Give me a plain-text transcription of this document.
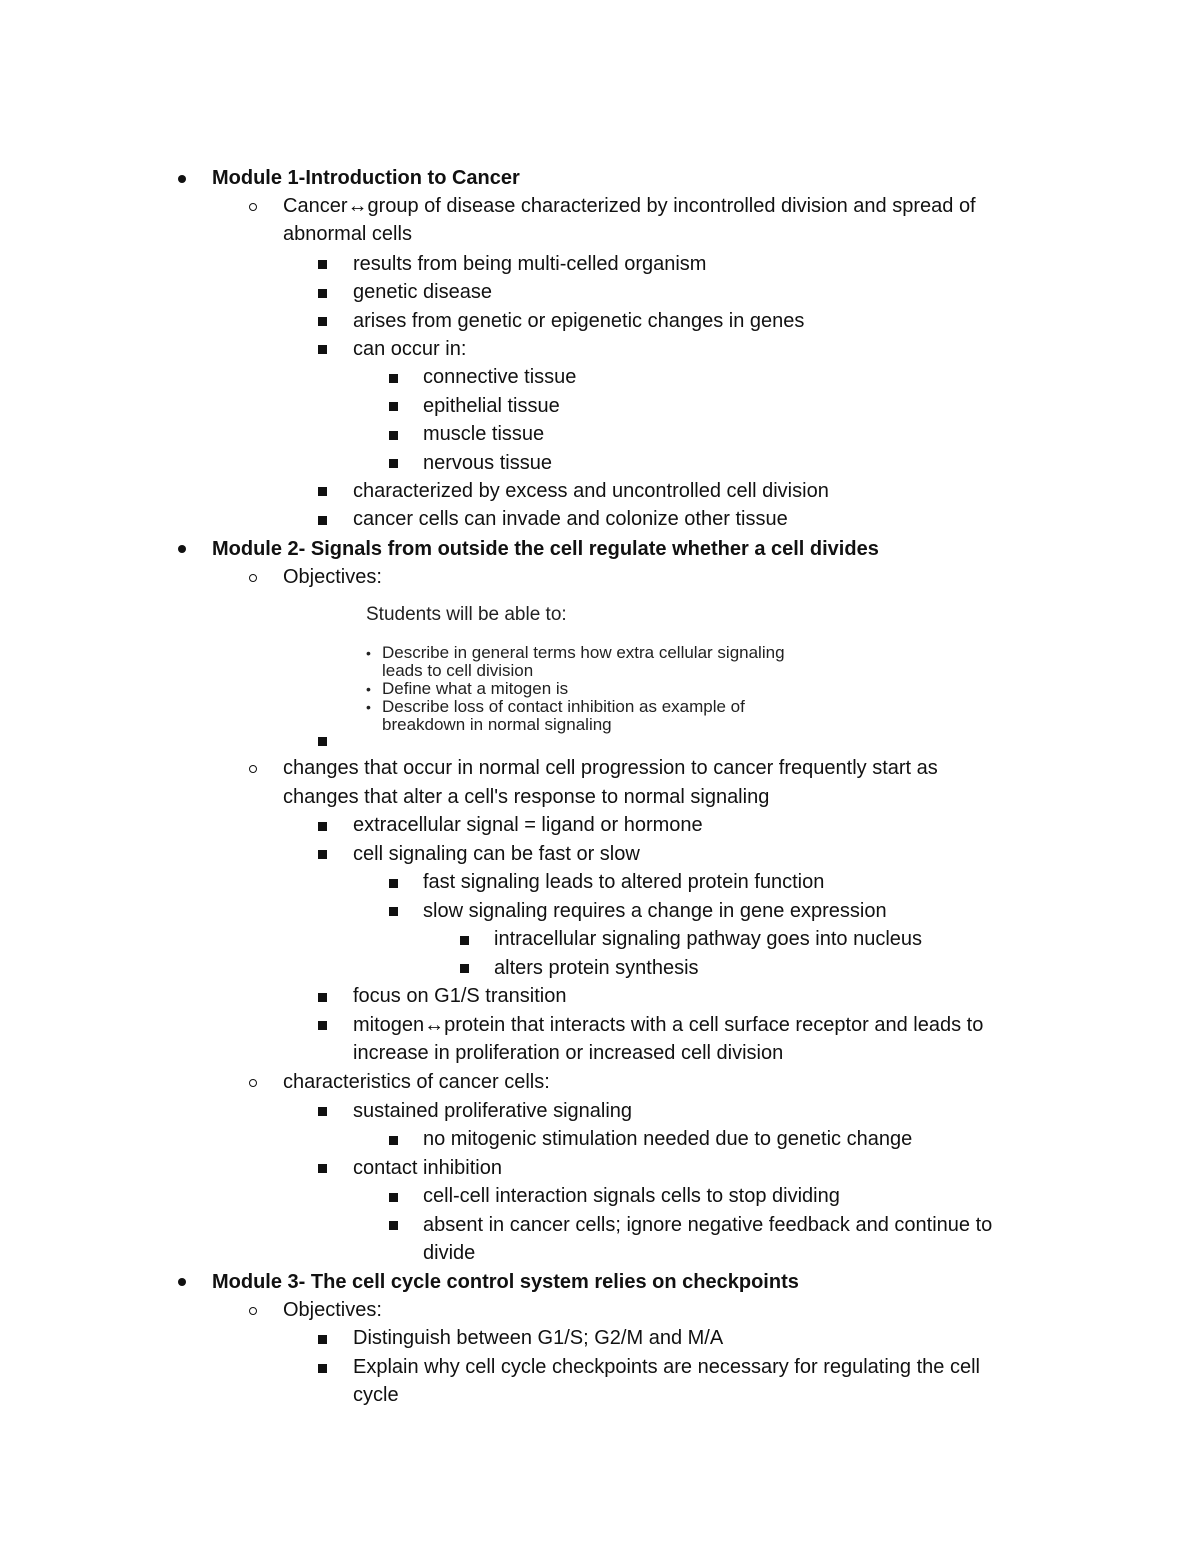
Module 1-Introduction to Cancer
Cancer↔group of disease characterized by incontrolled division and spread of
abnormal cells
results from being multi-celled organism
genetic disease
arises from genetic or epigenetic changes in genes
can occur in:
connective tissue
epithelial tissue
muscle tissue
nervous tissue
characterized by excess and uncontrolled cell division
cancer cells can invade and colonize other tissue
Module 2- Signals from outside the cell regulate whether a cell divides
Objectives:
Students will be able to:
• Describe in general terms how extra cellular signaling
leads to cell division
• Define what a mitogen is
• Describe loss of contact inhibition as example of
breakdown in normal signaling
changes that occur in normal cell progression to cancer frequently start as
changes that alter a cell's response to normal signaling
extracellular signal = ligand or hormone
cell signaling can be fast or slow
fast signaling leads to altered protein function
slow signaling requires a change in gene expression
intracellular signaling pathway goes into nucleus
alters protein synthesis
focus on G1/S transition
mitogen↔protein that interacts with a cell surface receptor and leads to
increase in proliferation or increased cell division
characteristics of cancer cells:
sustained proliferative signaling
no mitogenic stimulation needed due to genetic change
contact inhibition
cell-cell interaction signals cells to stop dividing
absent in cancer cells; ignore negative feedback and continue to
divide
Module 3- The cell cycle control system relies on checkpoints
Objectives:
Distinguish between G1/S; G2/M and M/A
Explain why cell cycle checkpoints are necessary for regulating the cell
cycle
